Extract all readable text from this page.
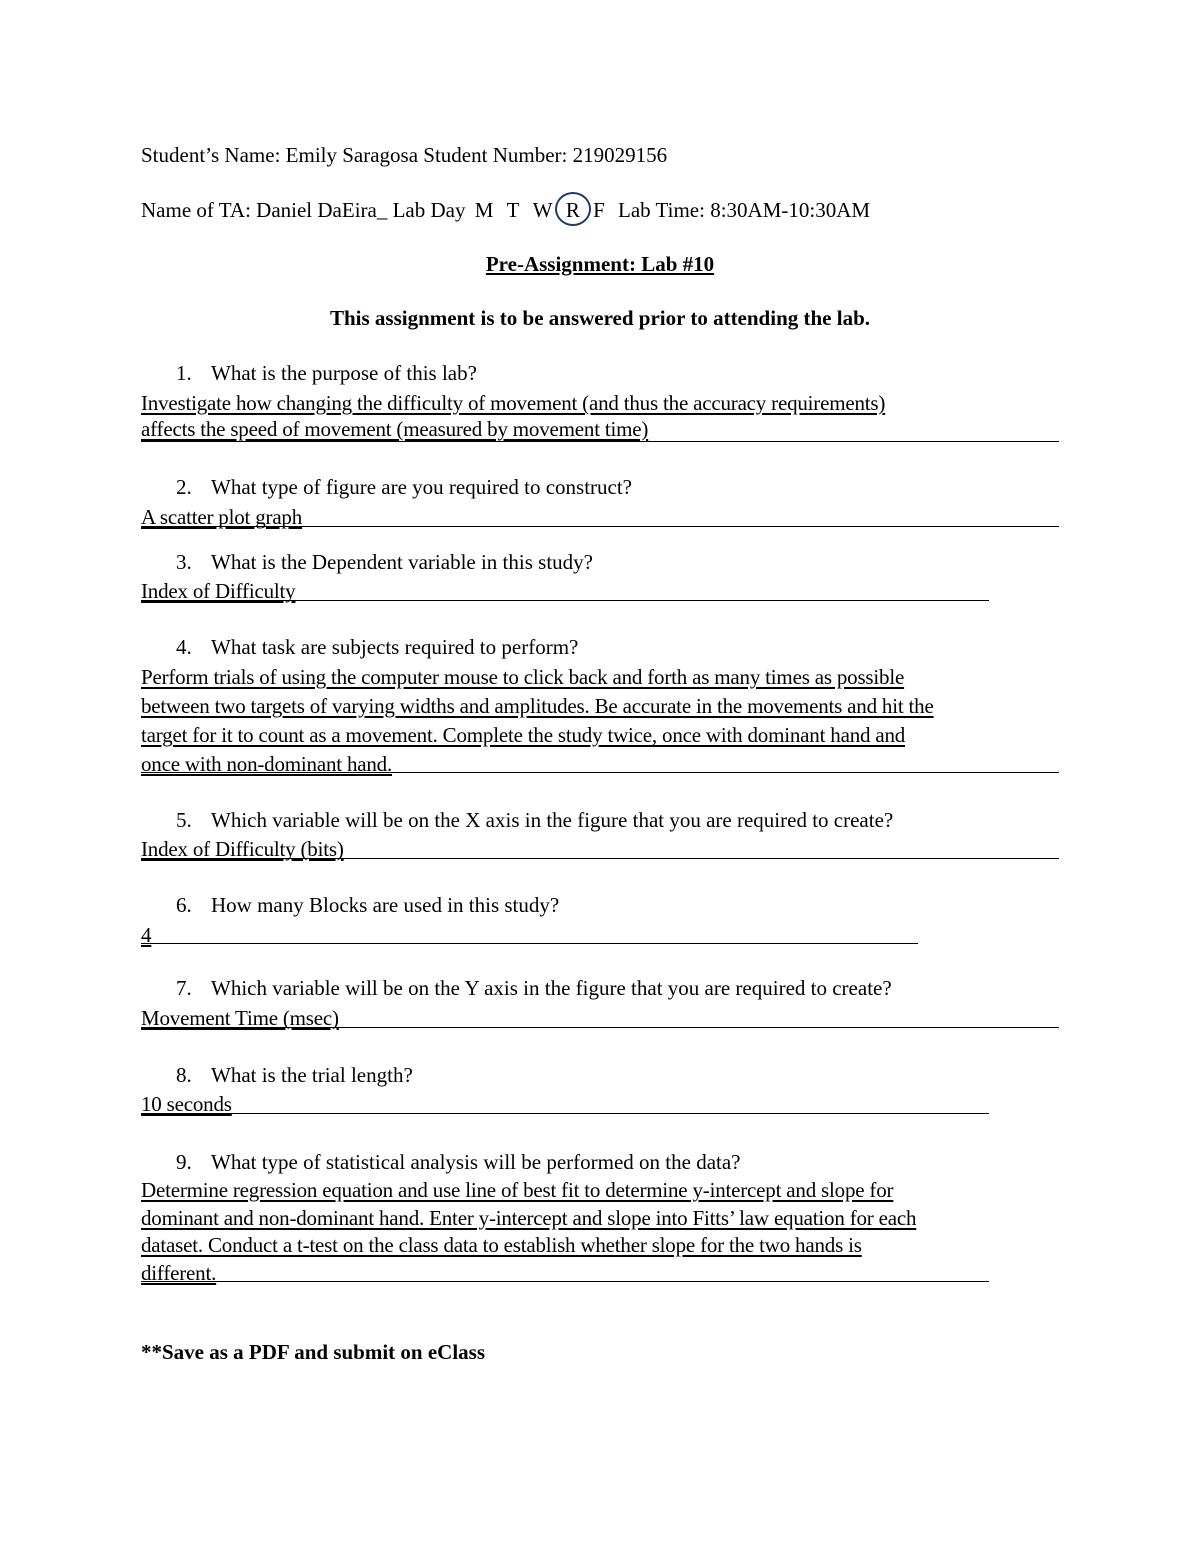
Student’s Name: Emily Saragosa Student Number: 219029156
Name of TA: Daniel DaEira_ Lab Day M T W R F Lab Time: 8:30AM-10:30AM
Pre-Assignment: Lab #10
This assignment is to be answered prior to attending the lab.
1. What is the purpose of this lab?
Investigate how changing the difficulty of movement (and thus the accuracy requirements)
affects the speed of movement (measured by movement time)
2. What type of figure are you required to construct?
A scatter plot graph
3. What is the Dependent variable in this study?
Index of Difficulty
4. What task are subjects required to perform?
Perform trials of using the computer mouse to click back and forth as many times as possible
between two targets of varying widths and amplitudes. Be accurate in the movements and hit the
target for it to count as a movement. Complete the study twice, once with dominant hand and
once with non-dominant hand.
5. Which variable will be on the X axis in the figure that you are required to create?
Index of Difficulty (bits)
6. How many Blocks are used in this study?
4
7. Which variable will be on the Y axis in the figure that you are required to create?
Movement Time (msec)
8. What is the trial length?
10 seconds
9. What type of statistical analysis will be performed on the data?
Determine regression equation and use line of best fit to determine y-intercept and slope for
dominant and non-dominant hand. Enter y-intercept and slope into Fitts’ law equation for each
dataset. Conduct a t-test on the class data to establish whether slope for the two hands is
different.
**Save as a PDF and submit on eClass
